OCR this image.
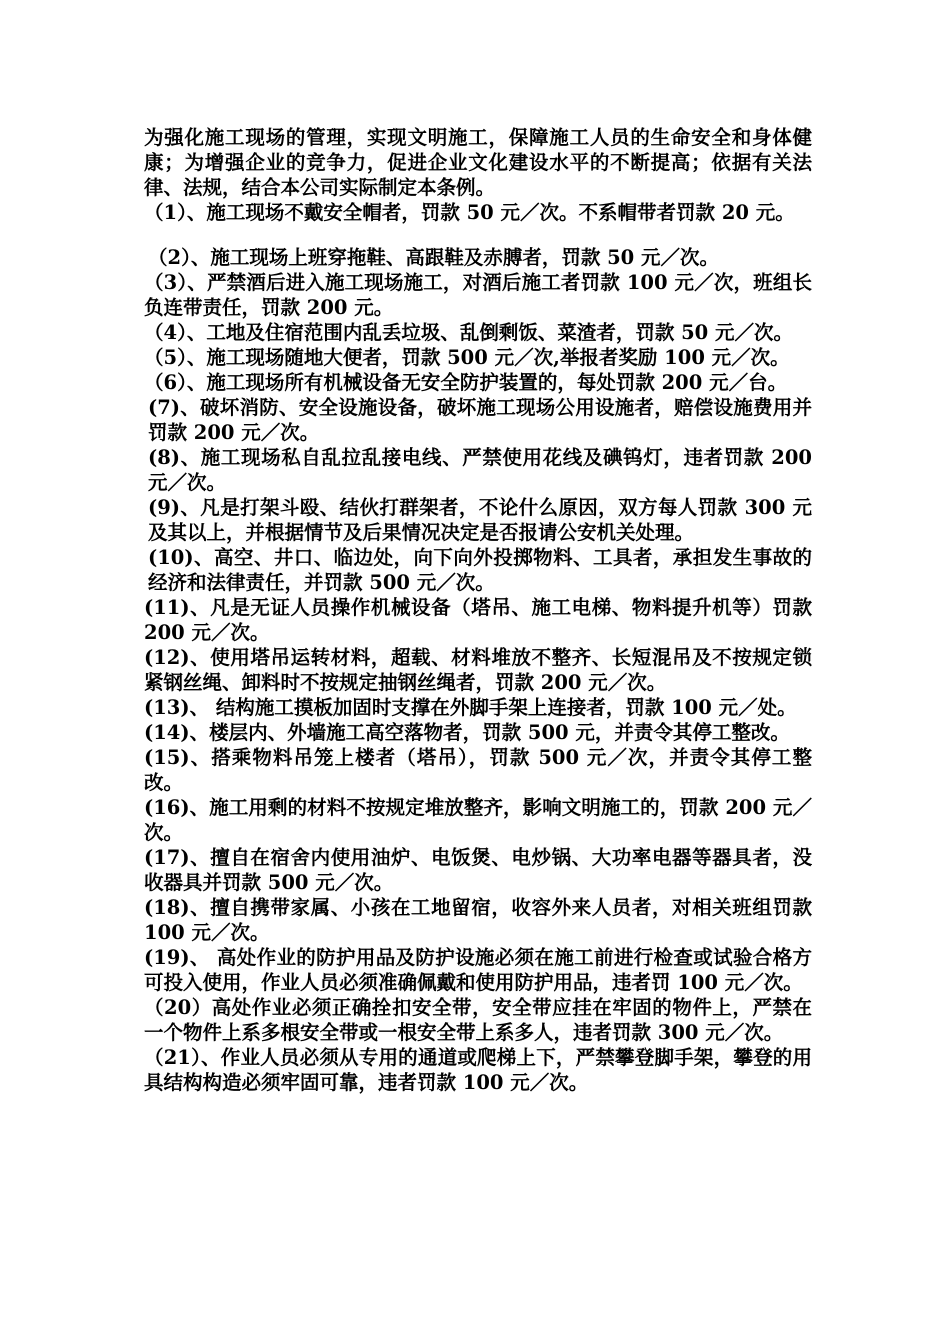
为强化施工现场的管理，实现文明施工，保障施工人员的生命安全和身体健康；为增强企业的竞争力，促进企业文化建设水平的不断提高；依据有关法律、法规，结合本公司实际制定本条例。

（1）、施工现场不戴安全帽者，罚款 50 元／次。不系帽带者罚款 20 元。

（2）、施工现场上班穿拖鞋、高跟鞋及赤膊者，罚款 50 元／次。

（3）、严禁酒后进入施工现场施工，对酒后施工者罚款 100 元／次，班组长负连带责任，罚款 200 元。

（4）、工地及住宿范围内乱丢垃圾、乱倒剩饭、菜渣者，罚款 50 元／次。

（5）、施工现场随地大便者，罚款 500 元／次,举报者奖励 100 元／次。

（6）、施工现场所有机械设备无安全防护装置的，每处罚款 200 元／台。

(7)、破坏消防、安全设施设备，破坏施工现场公用设施者，赔偿设施费用并罚款 200 元／次。

(8)、施工现场私自乱拉乱接电线、严禁使用花线及碘钨灯，违者罚款 200 元／次。

(9)、凡是打架斗殴、结伙打群架者，不论什么原因，双方每人罚款 300 元及其以上，并根据情节及后果情况决定是否报请公安机关处理。

(10)、高空、井口、临边处，向下向外投掷物料、工具者，承担发生事故的经济和法律责任，并罚款 500 元／次。

(11)、凡是无证人员操作机械设备（塔吊、施工电梯、物料提升机等）罚款 200 元／次。

(12)、使用塔吊运转材料，超载、材料堆放不整齐、长短混吊及不按规定锁紧钢丝绳、卸料时不按规定抽钢丝绳者，罚款 200 元／次。

(13)、 结构施工摸板加固时支撑在外脚手架上连接者，罚款 100 元／处。

(14)、楼层内、外墙施工高空落物者，罚款 500 元，并责令其停工整改。

(15)、搭乘物料吊笼上楼者（塔吊），罚款 500 元／次，并责令其停工整改。

(16)、施工用剩的材料不按规定堆放整齐，影响文明施工的，罚款 200 元／次。

(17)、擅自在宿舍内使用油炉、电饭煲、电炒锅、大功率电器等器具者，没收器具并罚款 500 元／次。

(18)、擅自携带家属、小孩在工地留宿，收容外来人员者，对相关班组罚款 100 元／次。

(19)、 高处作业的防护用品及防护设施必须在施工前进行检查或试验合格方可投入使用，作业人员必须准确佩戴和使用防护用品，违者罚 100 元／次。

（20）高处作业必须正确拴扣安全带，安全带应挂在牢固的物件上，严禁在一个物件上系多根安全带或一根安全带上系多人，违者罚款 300 元／次。

（21）、作业人员必须从专用的通道或爬梯上下，严禁攀登脚手架，攀登的用具结构构造必须牢固可靠，违者罚款 100 元／次。
